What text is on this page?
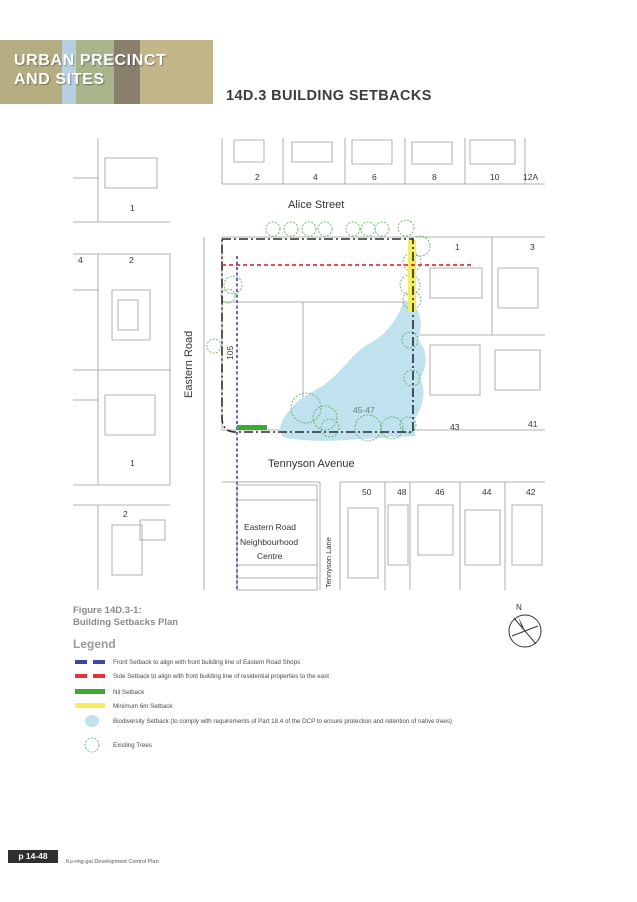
URBAN PRECINCT
AND SITES
14D.3 BUILDING SETBACKS
Alice Street
Tennyson Avenue
Eastern Road
Tennyson Lane
2	4	6	8	10	12A
1
4	2
1
2
1	3
43	41
50	48	46	44	42
45-47
105
Eastern Road
Neighbourhood
Centre
N
Figure 14D.3-1:
Building Setbacks Plan
Legend
Front Setback to align with front building line of Eastern Road Shops
Side Setback to align with front building line of residential properties to the east
Nil Setback
Minimum 6m Setback
Biodiversity Setback (to comply with requirements of Part 18.4 of the DCP to ensure protection and retention of native trees)
Existing Trees
p 14-48
Ku-ring-gai Development Control Plan
